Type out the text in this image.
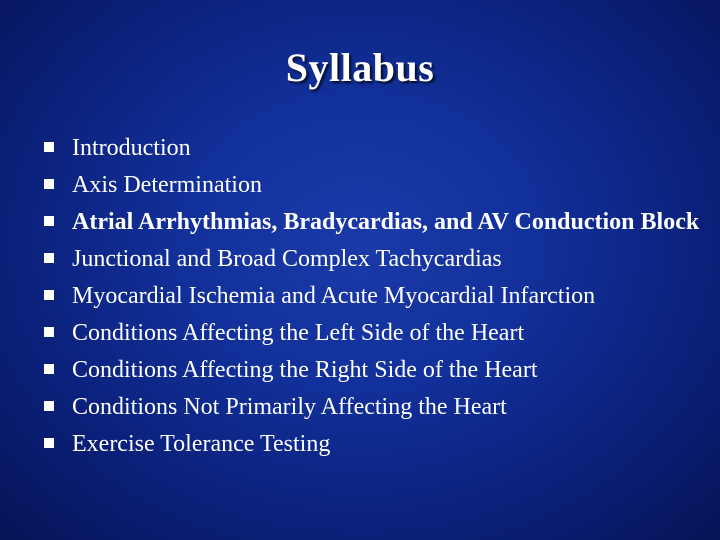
Syllabus
Introduction
Axis Determination
Atrial Arrhythmias, Bradycardias, and AV Conduction Block
Junctional and Broad Complex Tachycardias
Myocardial Ischemia and Acute Myocardial Infarction
Conditions Affecting the Left Side of the Heart
Conditions Affecting the Right Side of the Heart
Conditions Not Primarily Affecting the Heart
Exercise Tolerance Testing
